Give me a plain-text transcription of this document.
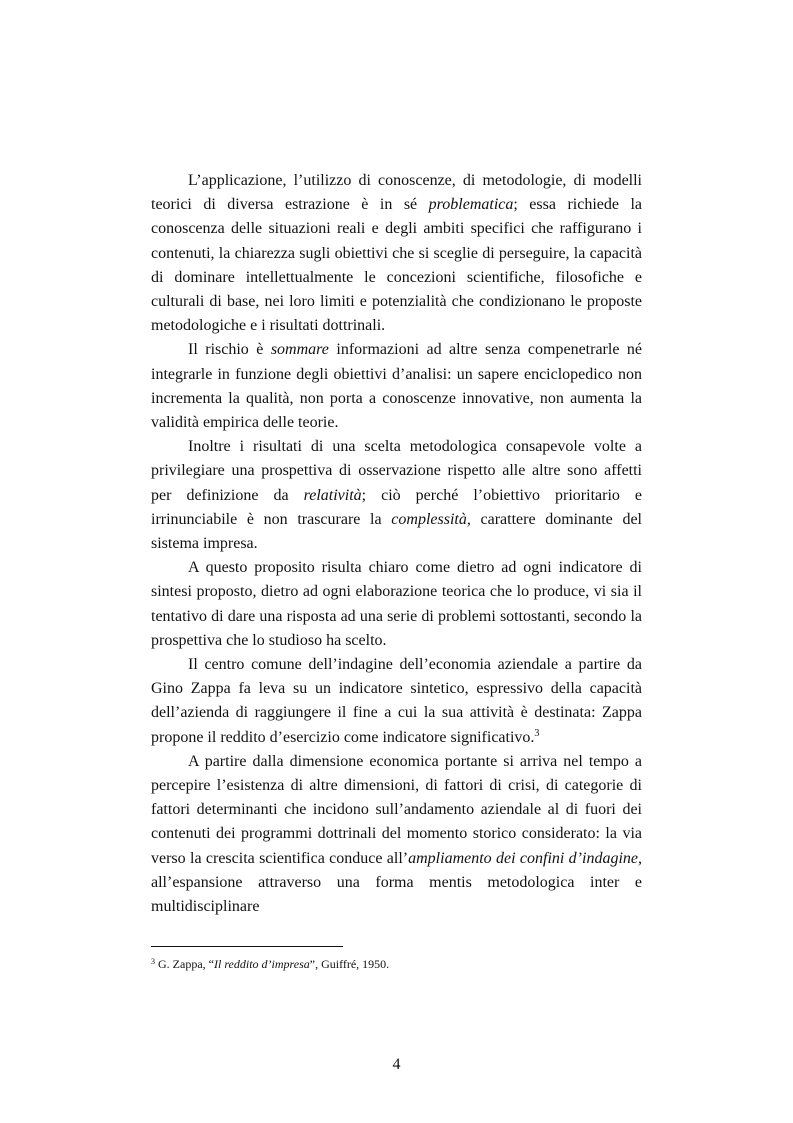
L’applicazione, l’utilizzo di conoscenze, di metodologie, di modelli teorici di diversa estrazione è in sé problematica; essa richiede la conoscenza delle situazioni reali e degli ambiti specifici che raffigurano i contenuti, la chiarezza sugli obiettivi che si sceglie di perseguire, la capacità di dominare intellettualmente le concezioni scientifiche, filosofiche e culturali di base, nei loro limiti e potenzialità che condizionano le proposte metodologiche e i risultati dottrinali.

Il rischio è sommare informazioni ad altre senza compenetrarle né integrarle in funzione degli obiettivi d’analisi: un sapere enciclopedico non incrementa la qualità, non porta a conoscenze innovative, non aumenta la validità empirica delle teorie.

Inoltre i risultati di una scelta metodologica consapevole volte a privilegiare una prospettiva di osservazione rispetto alle altre sono affetti per definizione da relatività; ciò perché l’obiettivo prioritario e irrinunciabile è non trascurare la complessità, carattere dominante del sistema impresa.

A questo proposito risulta chiaro come dietro ad ogni indicatore di sintesi proposto, dietro ad ogni elaborazione teorica che lo produce, vi sia il tentativo di dare una risposta ad una serie di problemi sottostanti, secondo la prospettiva che lo studioso ha scelto.

Il centro comune dell’indagine dell’economia aziendale a partire da Gino Zappa fa leva su un indicatore sintetico, espressivo della capacità dell’azienda di raggiungere il fine a cui la sua attività è destinata: Zappa propone il reddito d’esercizio come indicatore significativo.$^3$

A partire dalla dimensione economica portante si arriva nel tempo a percepire l’esistenza di altre dimensioni, di fattori di crisi, di categorie di fattori determinanti che incidono sull’andamento aziendale al di fuori dei contenuti dei programmi dottrinali del momento storico considerato: la via verso la crescita scientifica conduce all’ampliamento dei confini d’indagine, all’espansione attraverso una forma mentis metodologica inter e multidisciplinare

$^3$ G. Zappa, “Il reddito d’impresa”, Guiffré, 1950.

4
